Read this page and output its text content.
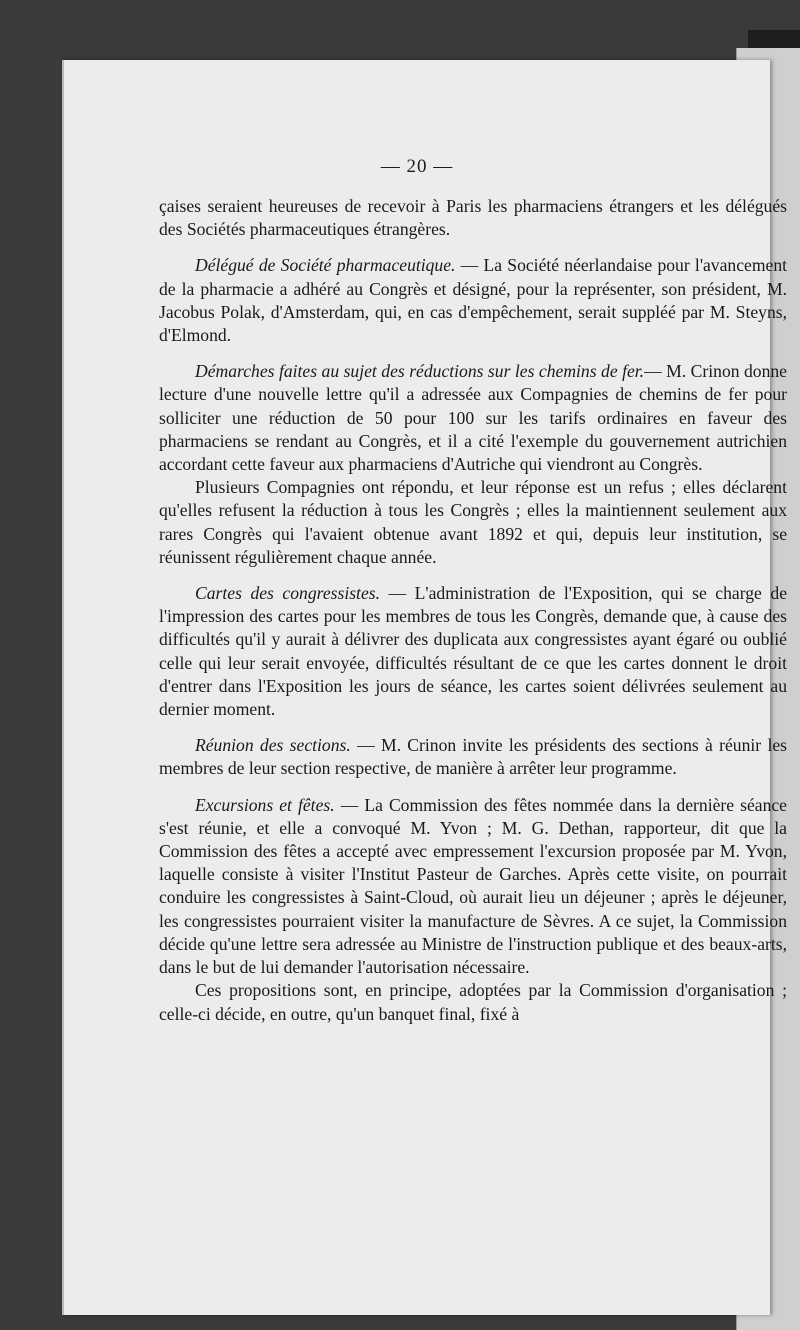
— 20 —

çaises seraient heureuses de recevoir à Paris les pharmaciens étrangers et les délégués des Sociétés pharmaceutiques étrangères.

Délégué de Société pharmaceutique. — La Société néerlandaise pour l'avancement de la pharmacie a adhéré au Congrès et désigné, pour la représenter, son président, M. Jacobus Polak, d'Amsterdam, qui, en cas d'empêchement, serait suppléé par M. Steyns, d'Elmond.

Démarches faites au sujet des réductions sur les chemins de fer.— M. Crinon donne lecture d'une nouvelle lettre qu'il a adressée aux Compagnies de chemins de fer pour solliciter une réduction de 50 pour 100 sur les tarifs ordinaires en faveur des pharmaciens se rendant au Congrès, et il a cité l'exemple du gouvernement autrichien accordant cette faveur aux pharmaciens d'Autriche qui viendront au Congrès.

Plusieurs Compagnies ont répondu, et leur réponse est un refus ; elles déclarent qu'elles refusent la réduction à tous les Congrès ; elles la maintiennent seulement aux rares Congrès qui l'avaient obtenue avant 1892 et qui, depuis leur institution, se réunissent régulièrement chaque année.

Cartes des congressistes. — L'administration de l'Exposition, qui se charge de l'impression des cartes pour les membres de tous les Congrès, demande que, à cause des difficultés qu'il y aurait à délivrer des duplicata aux congressistes ayant égaré ou oublié celle qui leur serait envoyée, difficultés résultant de ce que les cartes donnent le droit d'entrer dans l'Exposition les jours de séance, les cartes soient délivrées seulement au dernier moment.

Réunion des sections. — M. Crinon invite les présidents des sections à réunir les membres de leur section respective, de manière à arrêter leur programme.

Excursions et fêtes. — La Commission des fêtes nommée dans la dernière séance s'est réunie, et elle a convoqué M. Yvon ; M. G. Dethan, rapporteur, dit que la Commission des fêtes a accepté avec empressement l'excursion proposée par M. Yvon, laquelle consiste à visiter l'Institut Pasteur de Garches. Après cette visite, on pourrait conduire les congressistes à Saint-Cloud, où aurait lieu un déjeuner ; après le déjeuner, les congressistes pourraient visiter la manufacture de Sèvres. A ce sujet, la Commission décide qu'une lettre sera adressée au Ministre de l'instruction publique et des beaux-arts, dans le but de lui demander l'autorisation nécessaire.

Ces propositions sont, en principe, adoptées par la Commission d'organisation ; celle-ci décide, en outre, qu'un banquet final, fixé à
